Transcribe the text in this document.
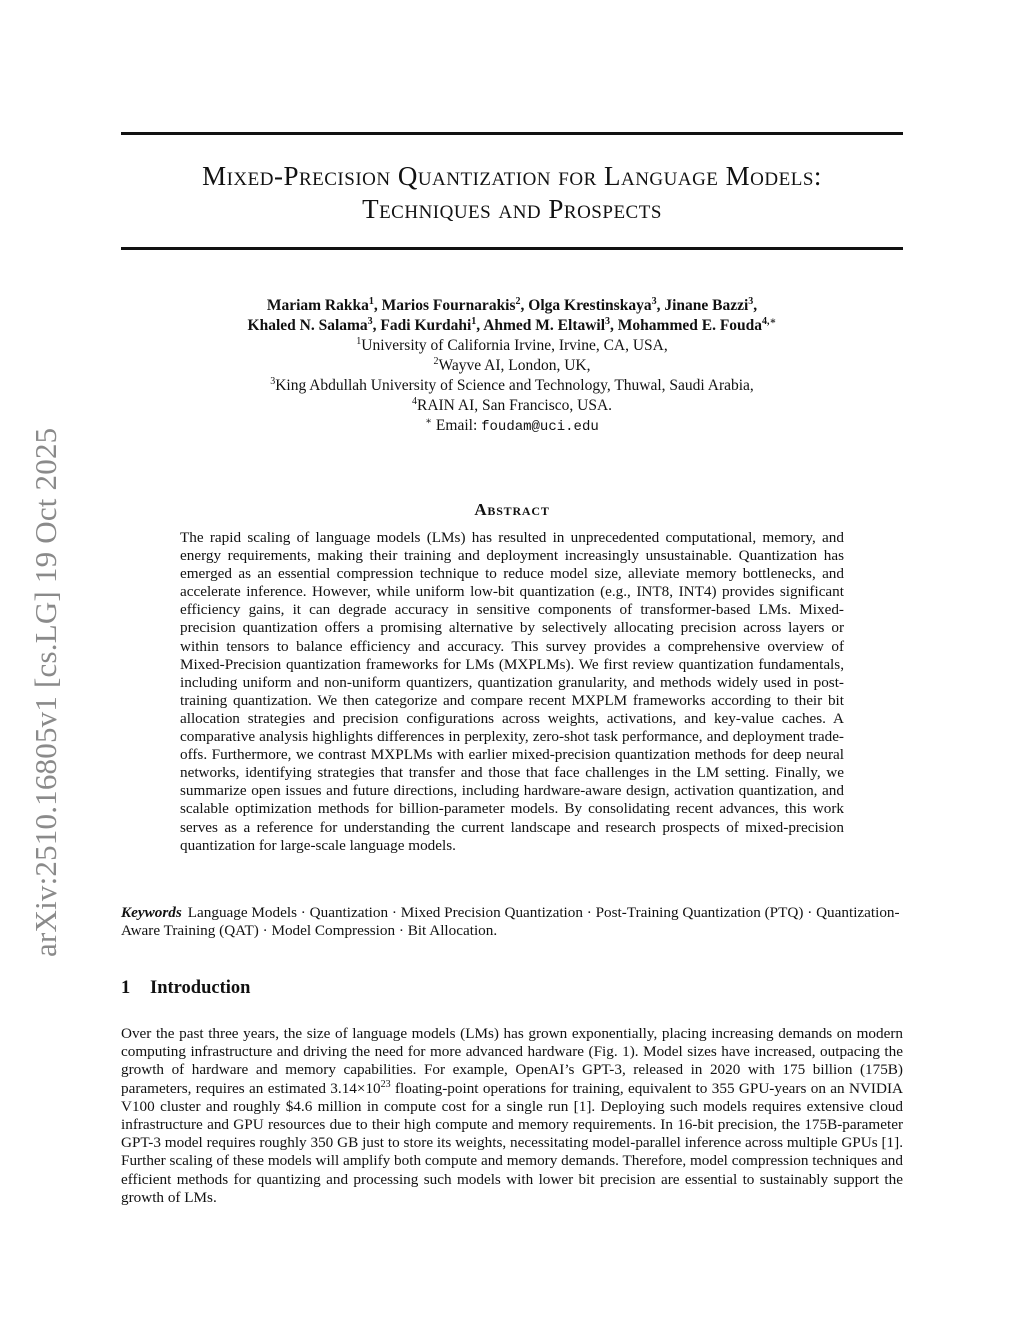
arXiv:2510.16805v1 [cs.LG] 19 Oct 2025
Mixed-Precision Quantization for Language Models:
Techniques and Prospects
Mariam Rakka$^1$, Marios Fournarakis$^2$, Olga Krestinskaya$^3$, Jinane Bazzi$^3$,
Khaled N. Salama$^3$, Fadi Kurdahi$^1$, Ahmed M. Eltawil$^3$, Mohammed E. Fouda$^{4,∗}$
$^1$University of California Irvine, Irvine, CA, USA,
$^2$Wayve AI, London, UK,
$^3$King Abdullah University of Science and Technology, Thuwal, Saudi Arabia,
$^4$RAIN AI, San Francisco, USA.
∗ Email: foudam@uci.edu
Abstract
The rapid scaling of language models (LMs) has resulted in unprecedented computational, memory, and energy requirements, making their training and deployment increasingly unsustainable. Quantization has emerged as an essential compression technique to reduce model size, alleviate memory bottlenecks, and accelerate inference. However, while uniform low-bit quantization (e.g., INT8, INT4) provides significant efficiency gains, it can degrade accuracy in sensitive components of transformer-based LMs. Mixed-precision quantization offers a promising alternative by selectively allocating precision across layers or within tensors to balance efficiency and accuracy. This survey provides a comprehensive overview of Mixed-Precision quantization frameworks for LMs (MXPLMs). We first review quantization fundamentals, including uniform and non-uniform quantizers, quantization granularity, and methods widely used in post-training quantization. We then categorize and compare recent MXPLM frameworks according to their bit allocation strategies and precision configurations across weights, activations, and key-value caches. A comparative analysis highlights differences in perplexity, zero-shot task performance, and deployment trade-offs. Furthermore, we contrast MXPLMs with earlier mixed-precision quantization methods for deep neural networks, identifying strategies that transfer and those that face challenges in the LM setting. Finally, we summarize open issues and future directions, including hardware-aware design, activation quantization, and scalable optimization methods for billion-parameter models. By consolidating recent advances, this work serves as a reference for understanding the current landscape and research prospects of mixed-precision quantization for large-scale language models.
Keywords Language Models · Quantization · Mixed Precision Quantization · Post-Training Quantization (PTQ) · Quantization-Aware Training (QAT) · Model Compression · Bit Allocation.
1 Introduction
Over the past three years, the size of language models (LMs) has grown exponentially, placing increasing demands on modern computing infrastructure and driving the need for more advanced hardware (Fig. 1). Model sizes have increased, outpacing the growth of hardware and memory capabilities. For example, OpenAI’s GPT-3, released in 2020 with 175 billion (175B) parameters, requires an estimated $3.14\times 10^{23}$ floating-point operations for training, equivalent to 355 GPU-years on an NVIDIA V100 cluster and roughly $4.6 million in compute cost for a single run [1]. Deploying such models requires extensive cloud infrastructure and GPU resources due to their high compute and memory requirements. In 16-bit precision, the 175B-parameter GPT-3 model requires roughly 350 GB just to store its weights, necessitating model-parallel inference across multiple GPUs [1]. Further scaling of these models will amplify both compute and memory demands. Therefore, model compression techniques and efficient methods for quantizing and processing such models with lower bit precision are essential to sustainably support the growth of LMs.
